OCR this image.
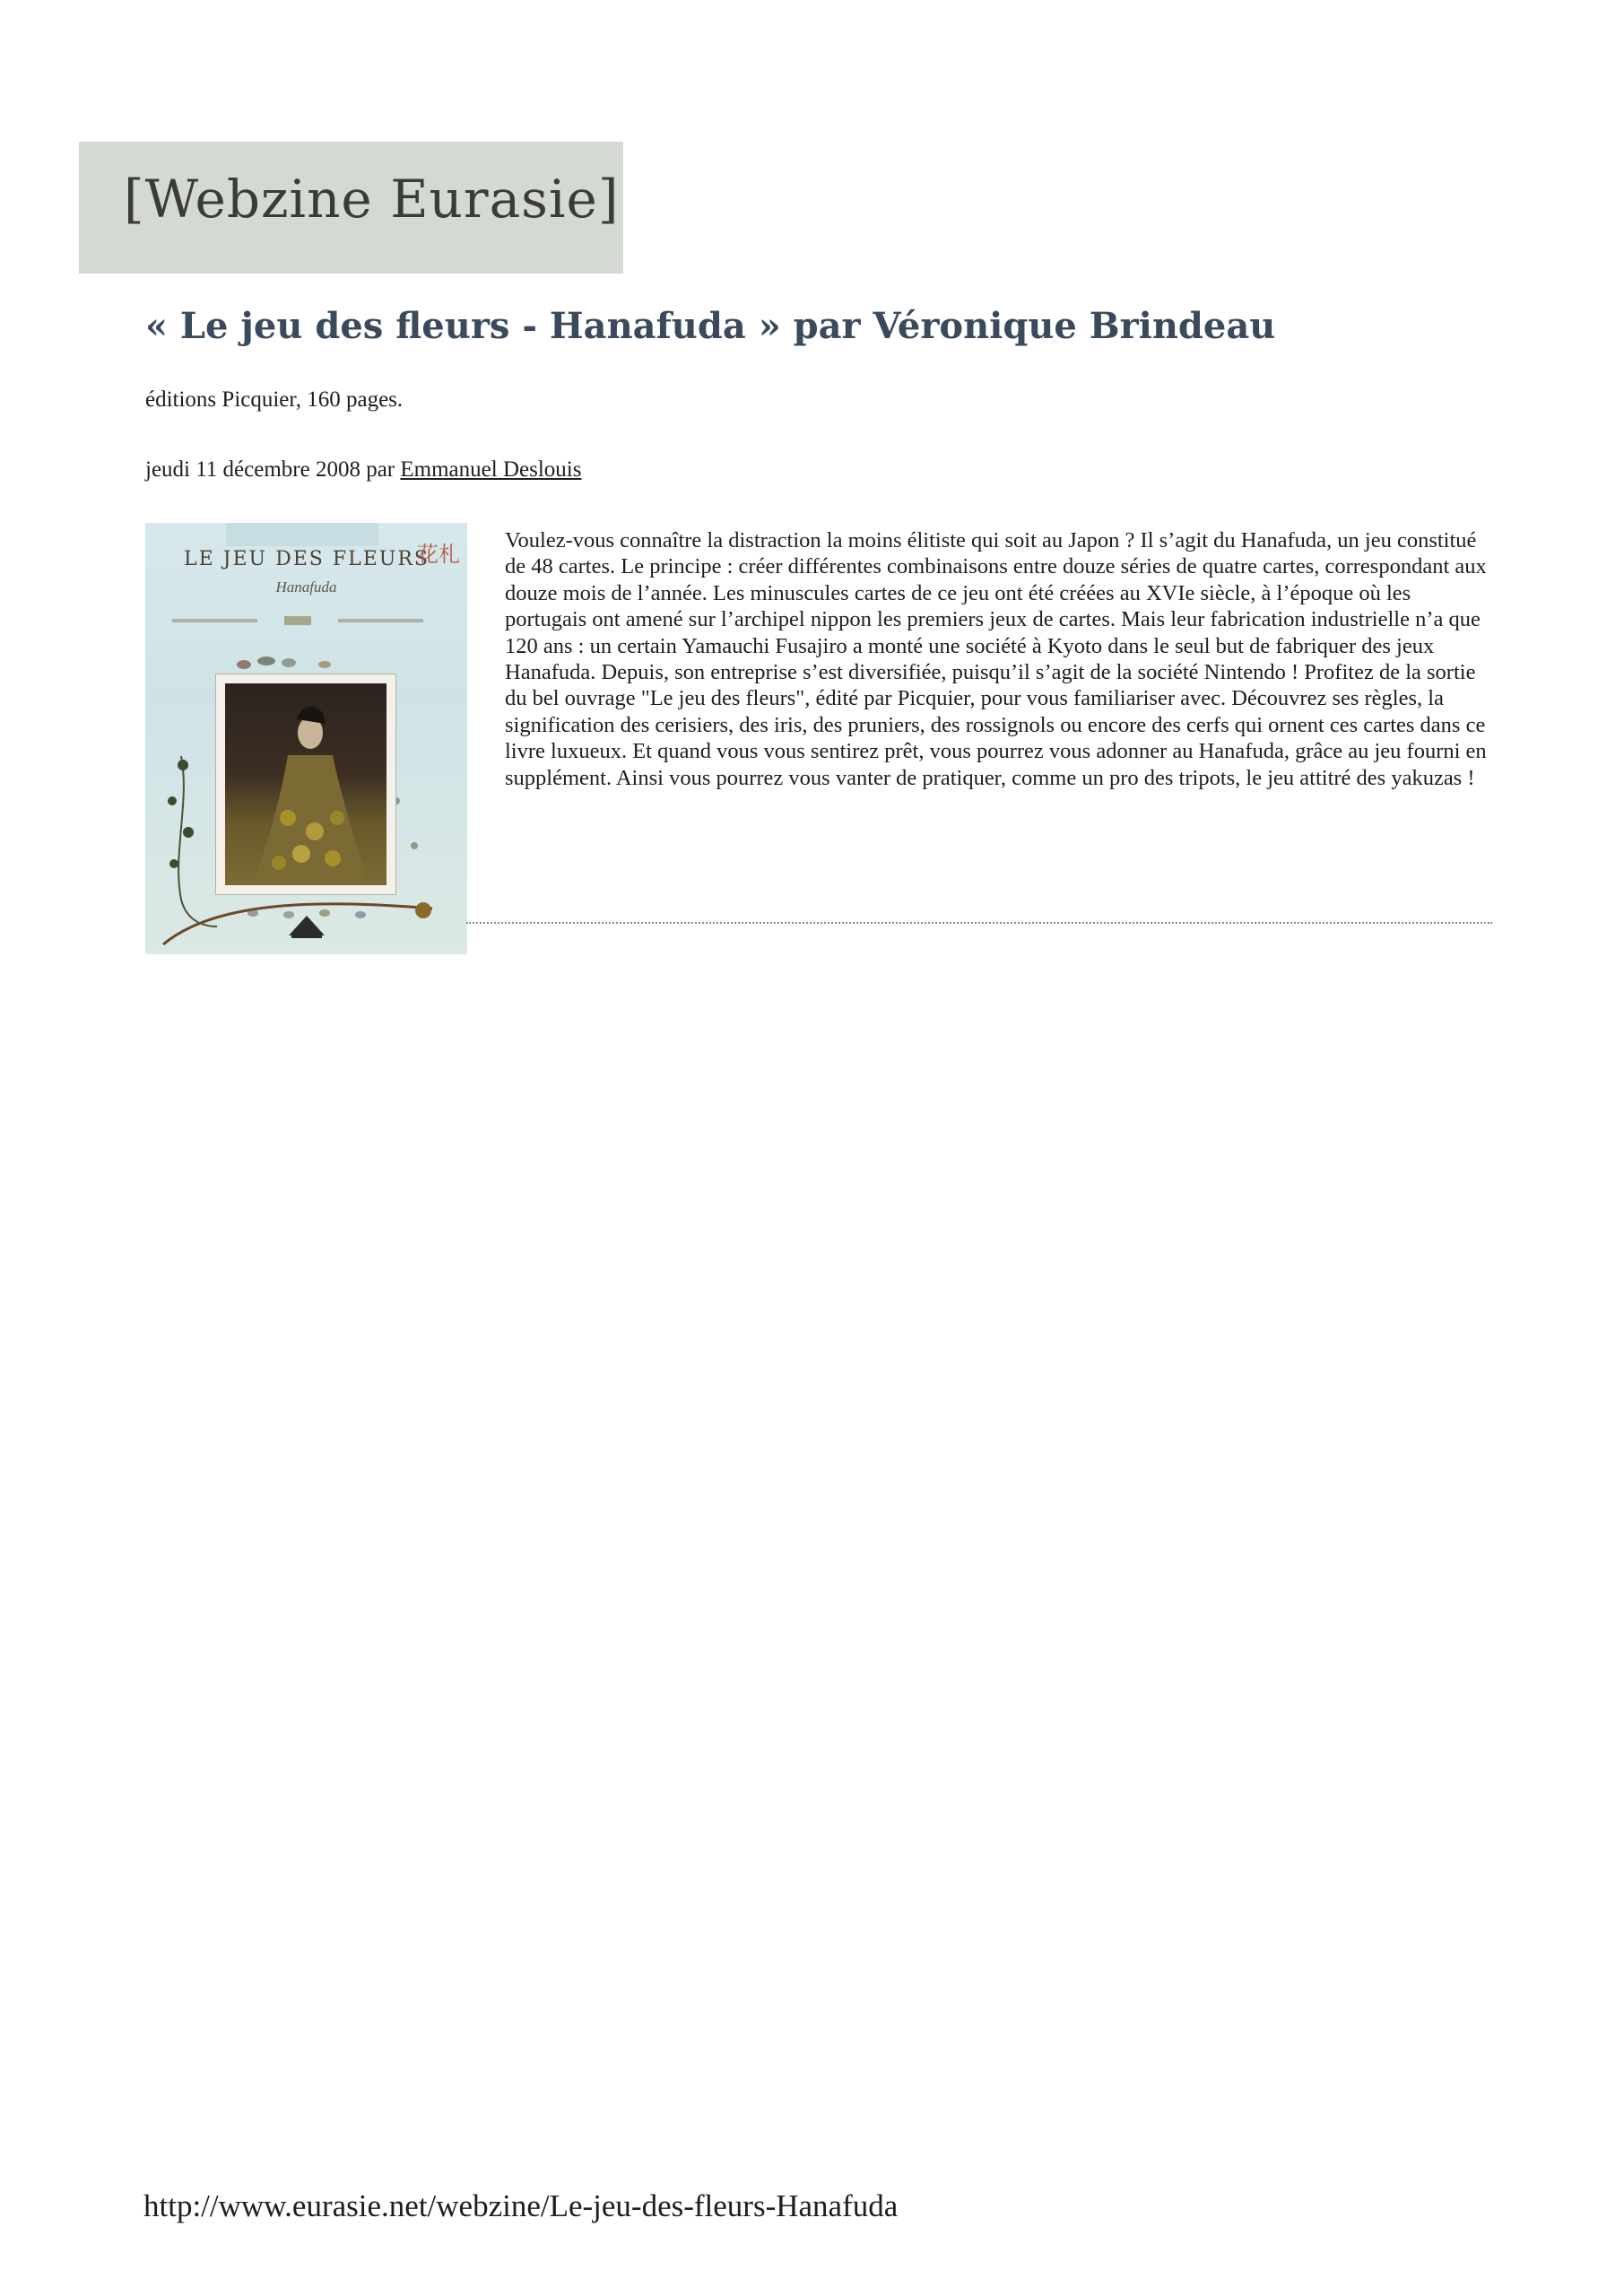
[Webzine Eurasie]
« Le jeu des fleurs - Hanafuda » par Véronique Brindeau
éditions Picquier, 160 pages.
jeudi 11 décembre 2008 par Emmanuel Deslouis
LE JEU DES FLEURS
花札
Hanafuda

Voulez-vous connaître la distraction la moins élitiste qui soit au Japon ? Il s’agit du Hanafuda, un jeu constitué de 48 cartes. Le principe : créer différentes combinaisons entre douze séries de quatre cartes, correspondant aux douze mois de l’année. Les minuscules cartes de ce jeu ont été créées au XVIe siècle, à l’époque où les portugais ont amené sur l’archipel nippon les premiers jeux de cartes. Mais leur fabrication industrielle n’a que 120 ans : un certain Yamauchi Fusajiro a monté une société à Kyoto dans le seul but de fabriquer des jeux Hanafuda. Depuis, son entreprise s’est diversifiée, puisqu’il s’agit de la société Nintendo ! Profitez de la sortie du bel ouvrage "Le jeu des fleurs", édité par Picquier, pour vous familiariser avec. Découvrez ses règles, la signification des cerisiers, des iris, des pruniers, des rossignols ou encore des cerfs qui ornent ces cartes dans ce livre luxueux. Et quand vous vous sentirez prêt, vous pourrez vous adonner au Hanafuda, grâce au jeu fourni en supplément. Ainsi vous pourrez vous vanter de pratiquer, comme un pro des tripots, le jeu attitré des yakuzas !

http://www.eurasie.net/webzine/Le-jeu-des-fleurs-Hanafuda
